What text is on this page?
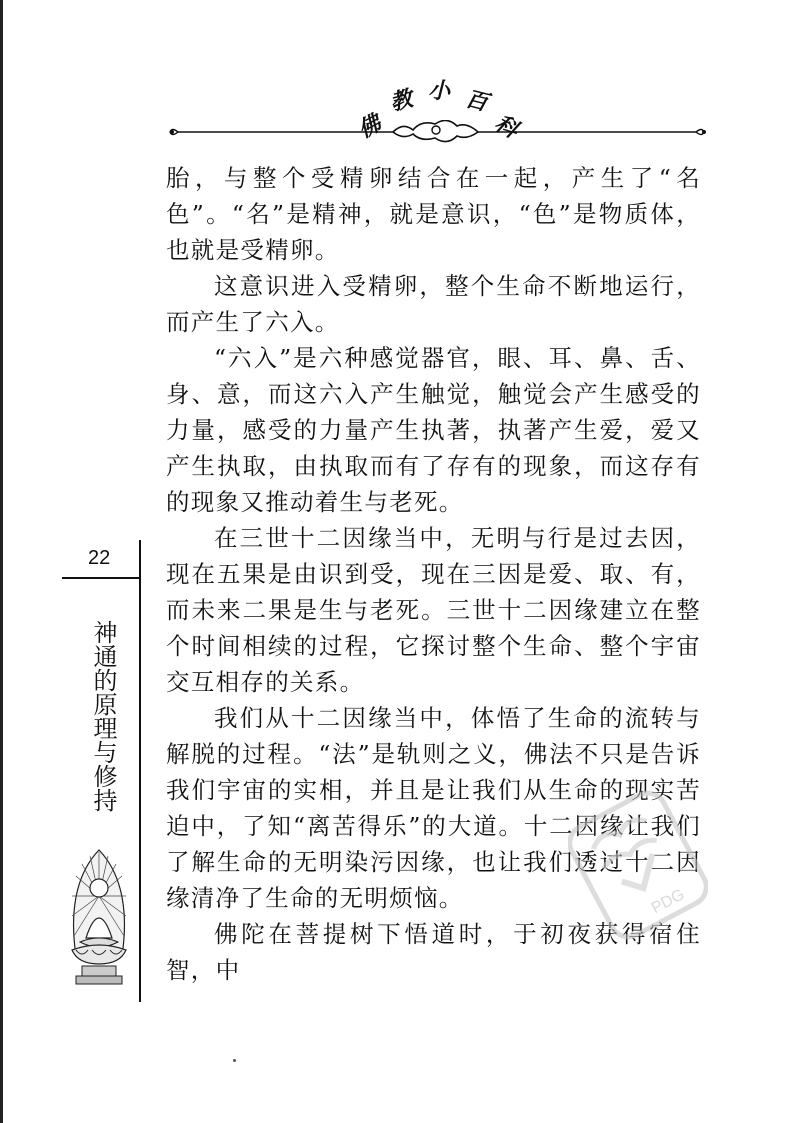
佛
教 小 百
科

胎，与整个受精卵结合在一起，产生了“名色”。“名”是精神，就是意识，“色”是物质体，也就是受精卵。

这意识进入受精卵，整个生命不断地运行，而产生了六入。

“六入”是六种感觉器官，眼、耳、鼻、舌、身、意，而这六入产生触觉，触觉会产生感受的力量，感受的力量产生执著，执著产生爱，爱又产生执取，由执取而有了存有的现象，而这存有的现象又推动着生与老死。

在三世十二因缘当中，无明与行是过去因，现在五果是由识到受，现在三因是爱、取、有，而未来二果是生与老死。三世十二因缘建立在整个时间相续的过程，它探讨整个生命、整个宇宙交互相存的关系。

我们从十二因缘当中，体悟了生命的流转与解脱的过程。“法”是轨则之义，佛法不只是告诉我们宇宙的实相，并且是让我们从生命的现实苦迫中，了知“离苦得乐”的大道。十二因缘让我们了解生命的无明染污因缘，也让我们透过十二因缘清净了生命的无明烦恼。

佛陀在菩提树下悟道时，于初夜获得宿住智，中

22
神通的原理与修持
PDG
